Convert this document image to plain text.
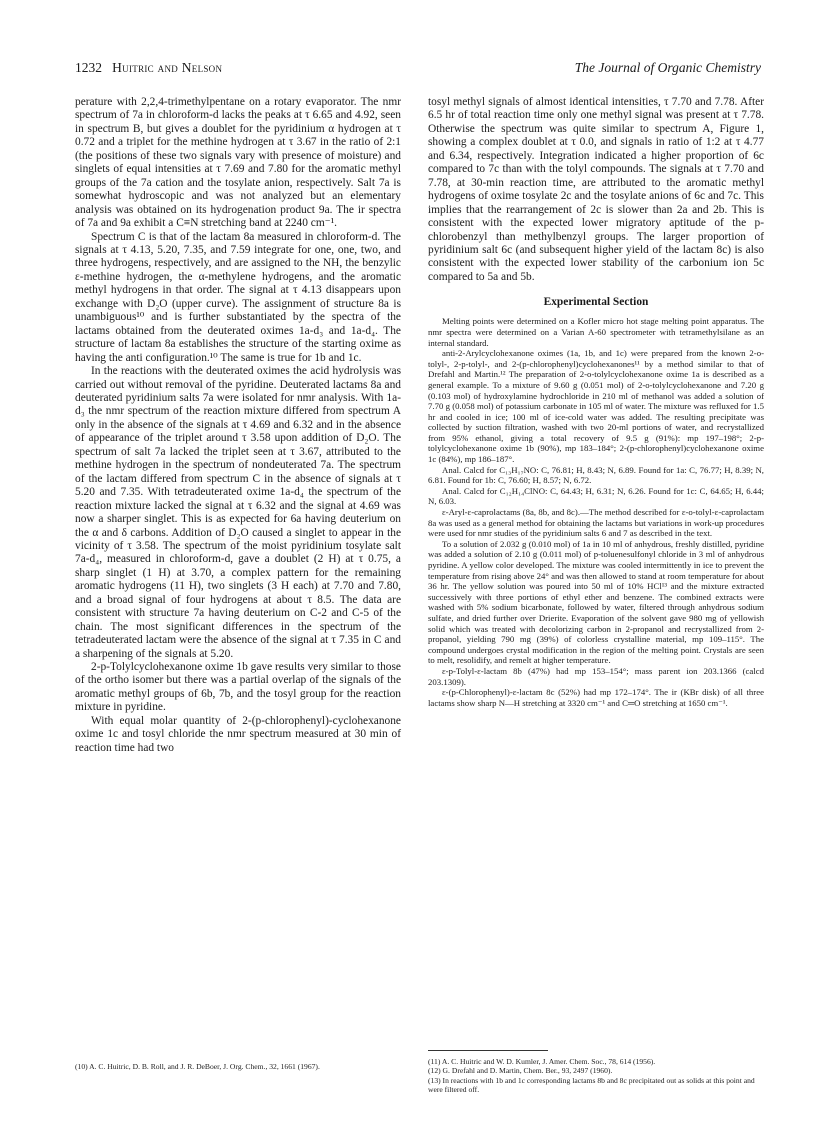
1232 Huitric and Nelson	The Journal of Organic Chemistry

perature with 2,2,4-trimethylpentane on a rotary evaporator. The nmr spectrum of 7a in chloroform-d lacks the peaks at τ 6.65 and 4.92, seen in spectrum B, but gives a doublet for the pyridinium α hydrogen at τ 0.72 and a triplet for the methine hydrogen at τ 3.67 in the ratio of 2:1 (the positions of these two signals vary with presence of moisture) and singlets of equal intensities at τ 7.69 and 7.80 for the aromatic methyl groups of the 7a cation and the tosylate anion, respectively. Salt 7a is somewhat hydroscopic and was not analyzed but an elementary analysis was obtained on its hydrogenation product 9a. The ir spectra of 7a and 9a exhibit a C≡N stretching band at 2240 cm⁻¹.

Spectrum C is that of the lactam 8a measured in chloroform-d. The signals at τ 4.13, 5.20, 7.35, and 7.59 integrate for one, one, two, and three hydrogens, respectively, and are assigned to the NH, the benzylic ε-methine hydrogen, the α-methylene hydrogens, and the aromatic methyl hydrogens in that order. The signal at τ 4.13 disappears upon exchange with D₂O (upper curve). The assignment of structure 8a is unambiguous¹⁰ and is further substantiated by the spectra of the lactams obtained from the deuterated oximes 1a-d₃ and 1a-d₄. The structure of lactam 8a establishes the structure of the starting oxime as having the anti configuration.¹⁰ The same is true for 1b and 1c.

In the reactions with the deuterated oximes the acid hydrolysis was carried out without removal of the pyridine. Deuterated lactams 8a and deuterated pyridinium salts 7a were isolated for nmr analysis. With 1a-d₃ the nmr spectrum of the reaction mixture differed from spectrum A only in the absence of the signals at τ 4.69 and 6.32 and in the absence of appearance of the triplet around τ 3.58 upon addition of D₂O. The spectrum of salt 7a lacked the triplet seen at τ 3.67, attributed to the methine hydrogen in the spectrum of nondeuterated 7a. The spectrum of the lactam differed from spectrum C in the absence of signals at τ 5.20 and 7.35. With tetradeuterated oxime 1a-d₄ the spectrum of the reaction mixture lacked the signal at τ 6.32 and the signal at 4.69 was now a sharper singlet. This is as expected for 6a having deuterium on the α and δ carbons. Addition of D₂O caused a singlet to appear in the vicinity of τ 3.58. The spectrum of the moist pyridinium tosylate salt 7a-d₄, measured in chloroform-d, gave a doublet (2 H) at τ 0.75, a sharp singlet (1 H) at 3.70, a complex pattern for the remaining aromatic hydrogens (11 H), two singlets (3 H each) at 7.70 and 7.80, and a broad signal of four hydrogens at about τ 8.5. The data are consistent with structure 7a having deuterium on C-2 and C-5 of the chain. The most significant differences in the spectrum of the tetradeuterated lactam were the absence of the signal at τ 7.35 in C and a sharpening of the signals at 5.20.

2-p-Tolylcyclohexanone oxime 1b gave results very similar to those of the ortho isomer but there was a partial overlap of the signals of the aromatic methyl groups of 6b, 7b, and the tosyl group for the reaction mixture in pyridine.

With equal molar quantity of 2-(p-chlorophenyl)-cyclohexanone oxime 1c and tosyl chloride the nmr spectrum measured at 30 min of reaction time had two

(10) A. C. Huitric, D. B. Roll, and J. R. DeBoer, J. Org. Chem., 32, 1661 (1967).

tosyl methyl signals of almost identical intensities, τ 7.70 and 7.78. After 6.5 hr of total reaction time only one methyl signal was present at τ 7.78. Otherwise the spectrum was quite similar to spectrum A, Figure 1, showing a complex doublet at τ 0.0, and signals in ratio of 1:2 at τ 4.77 and 6.34, respectively. Integration indicated a higher proportion of 6c compared to 7c than with the tolyl compounds. The signals at τ 7.70 and 7.78, at 30-min reaction time, are attributed to the aromatic methyl hydrogens of oxime tosylate 2c and the tosylate anions of 6c and 7c. This implies that the rearrangement of 2c is slower than 2a and 2b. This is consistent with the expected lower migratory aptitude of the p-chlorobenzyl than methylbenzyl groups. The larger proportion of pyridinium salt 6c (and subsequent higher yield of the lactam 8c) is also consistent with the expected lower stability of the carbonium ion 5c compared to 5a and 5b.

Experimental Section

Melting points were determined on a Kofler micro hot stage melting point apparatus. The nmr spectra were determined on a Varian A-60 spectrometer with tetramethylsilane as an internal standard.

anti-2-Arylcyclohexanone oximes (1a, 1b, and 1c) were prepared from the known 2-o-tolyl-, 2-p-tolyl-, and 2-(p-chlorophenyl)cyclohexanones¹¹ by a method similar to that of Drefahl and Martin.¹² The preparation of 2-o-tolylcyclohexanone oxime 1a is described as a general example. To a mixture of 9.60 g (0.051 mol) of 2-o-tolylcyclohexanone and 7.20 g (0.103 mol) of hydroxylamine hydrochloride in 210 ml of methanol was added a solution of 7.70 g (0.058 mol) of potassium carbonate in 105 ml of water. The mixture was refluxed for 1.5 hr and cooled in ice; 100 ml of ice-cold water was added. The resulting precipitate was collected by suction filtration, washed with two 20-ml portions of water, and recrystallized from 95% ethanol, giving a total recovery of 9.5 g (91%): mp 197–198°; 2-p-tolylcyclohexanone oxime 1b (90%), mp 183–184°; 2-(p-chlorophenyl)cyclohexanone oxime 1c (84%), mp 186–187°.

Anal. Calcd for C₁₃H₁₇NO: C, 76.81; H, 8.43; N, 6.89. Found for 1a: C, 76.77; H, 8.39; N, 6.81. Found for 1b: C, 76.60; H, 8.57; N, 6.72.

Anal. Calcd for C₁₂H₁₄ClNO: C, 64.43; H, 6.31; N, 6.26. Found for 1c: C, 64.65; H, 6.44; N, 6.03.

ε-Aryl-ε-caprolactams (8a, 8b, and 8c).—The method described for ε-o-tolyl-ε-caprolactam 8a was used as a general method for obtaining the lactams but variations in work-up procedures were used for nmr studies of the pyridinium salts 6 and 7 as described in the text.

To a solution of 2.032 g (0.010 mol) of 1a in 10 ml of anhydrous, freshly distilled, pyridine was added a solution of 2.10 g (0.011 mol) of p-toluenesulfonyl chloride in 3 ml of anhydrous pyridine. A yellow color developed. The mixture was cooled intermittently in ice to prevent the temperature from rising above 24° and was then allowed to stand at room temperature for about 36 hr. The yellow solution was poured into 50 ml of 10% HCl¹³ and the mixture extracted successively with three portions of ethyl ether and benzene. The combined extracts were washed with 5% sodium bicarbonate, followed by water, filtered through anhydrous sodium sulfate, and dried further over Drierite. Evaporation of the solvent gave 980 mg of yellowish solid which was treated with decolorizing carbon in 2-propanol and recrystallized from 2-propanol, yielding 790 mg (39%) of colorless crystalline material, mp 109–115°. The compound undergoes crystal modification in the region of the melting point. Crystals are seen to melt, resolidify, and remelt at higher temperature.

ε-p-Tolyl-ε-lactam 8b (47%) had mp 153–154°; mass parent ion 203.1366 (calcd 203.1309).

ε-(p-Chlorophenyl)-ε-lactam 8c (52%) had mp 172–174°. The ir (KBr disk) of all three lactams show sharp N—H stretching at 3320 cm⁻¹ and C═O stretching at 1650 cm⁻¹.

(11) A. C. Huitric and W. D. Kumler, J. Amer. Chem. Soc., 78, 614 (1956).

(12) G. Drefahl and D. Martin, Chem. Ber., 93, 2497 (1960).

(13) In reactions with 1b and 1c corresponding lactams 8b and 8c precipitated out as solids at this point and were filtered off.
